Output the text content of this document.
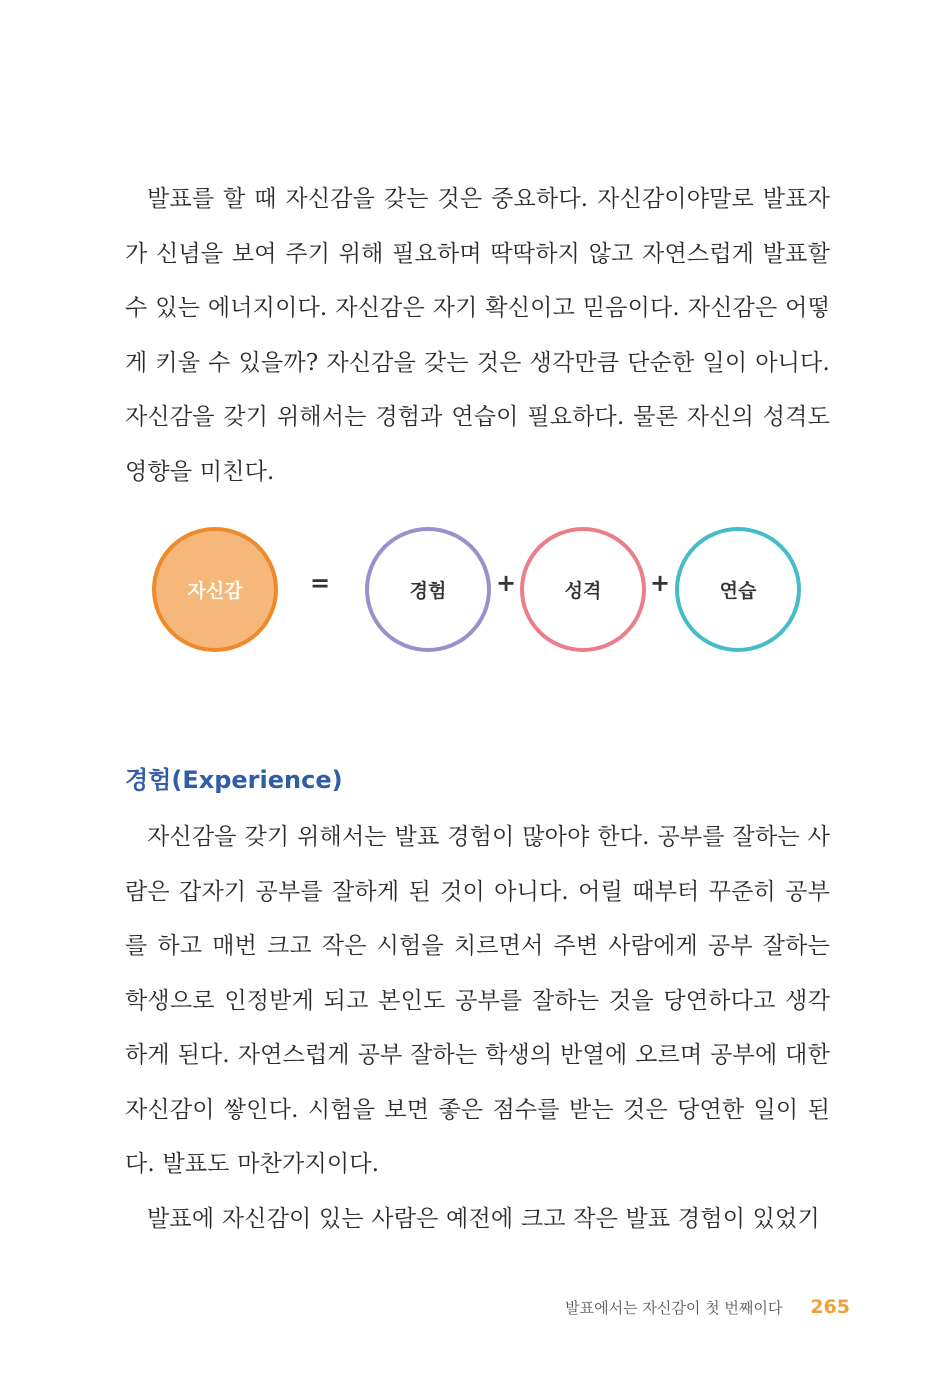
발표를 할 때 자신감을 갖는 것은 중요하다. 자신감이야말로 발표자가 신념을 보여 주기 위해 필요하며 딱딱하지 않고 자연스럽게 발표할 수 있는 에너지이다. 자신감은 자기 확신이고 믿음이다. 자신감은 어떻게 키울 수 있을까? 자신감을 갖는 것은 생각만큼 단순한 일이 아니다. 자신감을 갖기 위해서는 경험과 연습이 필요하다. 물론 자신의 성격도 영향을 미친다.

자신감	=	경험 +	성격 +	연습
경험(Experience)

자신감을 갖기 위해서는 발표 경험이 많아야 한다. 공부를 잘하는 사람은 갑자기 공부를 잘하게 된 것이 아니다. 어릴 때부터 꾸준히 공부를 하고 매번 크고 작은 시험을 치르면서 주변 사람에게 공부 잘하는 학생으로 인정받게 되고 본인도 공부를 잘하는 것을 당연하다고 생각하게 된다. 자연스럽게 공부 잘하는 학생의 반열에 오르며 공부에 대한 자신감이 쌓인다. 시험을 보면 좋은 점수를 받는 것은 당연한 일이 된다. 발표도 마찬가지이다.

발표에 자신감이 있는 사람은 예전에 크고 작은 발표 경험이 있었기

발표에서는 자신감이 첫 번째이다 265
